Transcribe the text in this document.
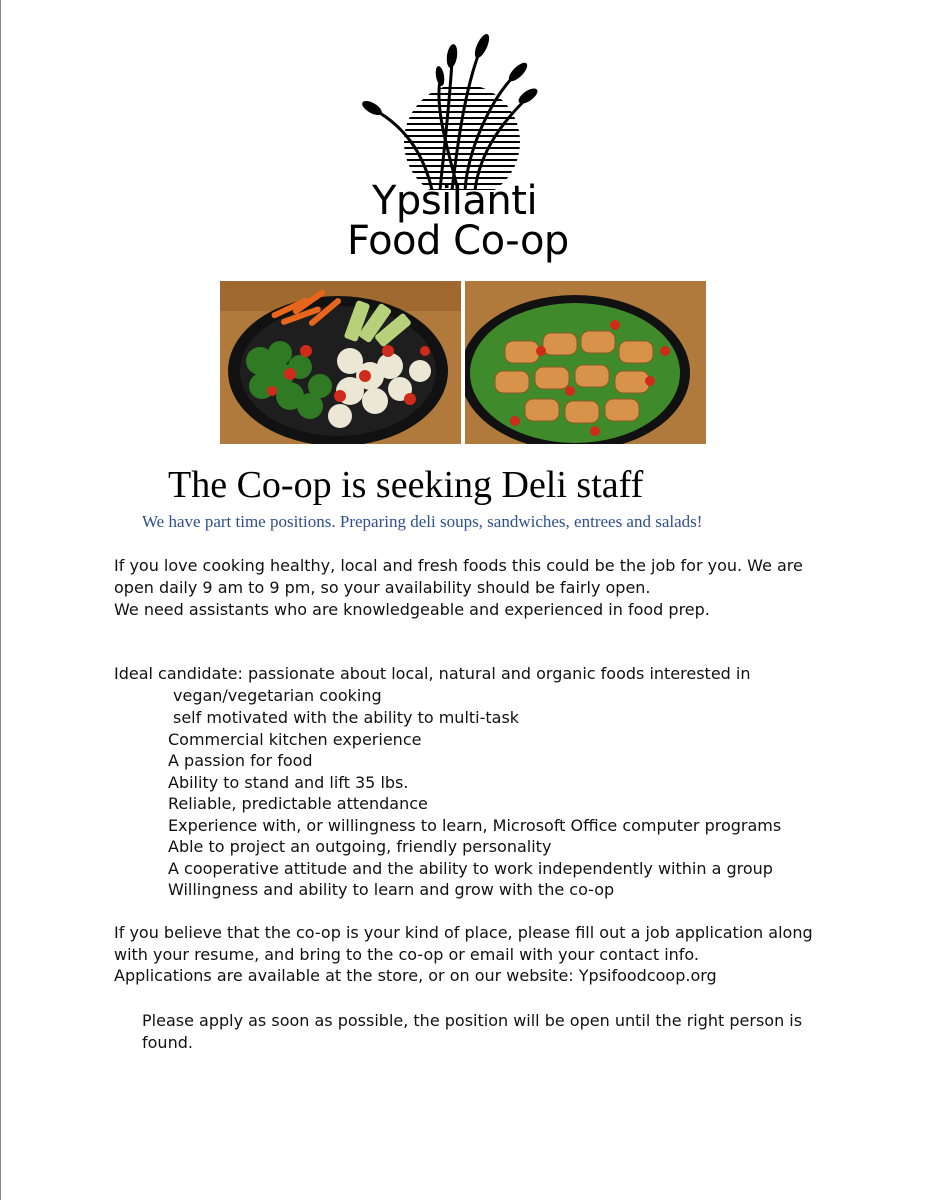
Ypsilanti
Food Co-op
The Co-op is seeking Deli staff
We have part time positions. Preparing deli soups, sandwiches, entrees and salads!
If you love cooking healthy, local and fresh foods this could be the job for you. We are
open daily 9 am to 9 pm, so your availability should be fairly open.
We need assistants who are knowledgeable and experienced in food prep.
Ideal candidate: passionate about local, natural and organic foods interested in
vegan/vegetarian cooking
self motivated with the ability to multi-task
Commercial kitchen experience
A passion for food
Ability to stand and lift 35 lbs.
Reliable, predictable attendance
Experience with, or willingness to learn, Microsoft Office computer programs
Able to project an outgoing, friendly personality
A cooperative attitude and the ability to work independently within a group
Willingness and ability to learn and grow with the co-op
If you believe that the co-op is your kind of place, please fill out a job application along
with your resume, and bring to the co-op or email with your contact info.
Applications are available at the store, or on our website: Ypsifoodcoop.org
Please apply as soon as possible, the position will be open until the right person is
found.
